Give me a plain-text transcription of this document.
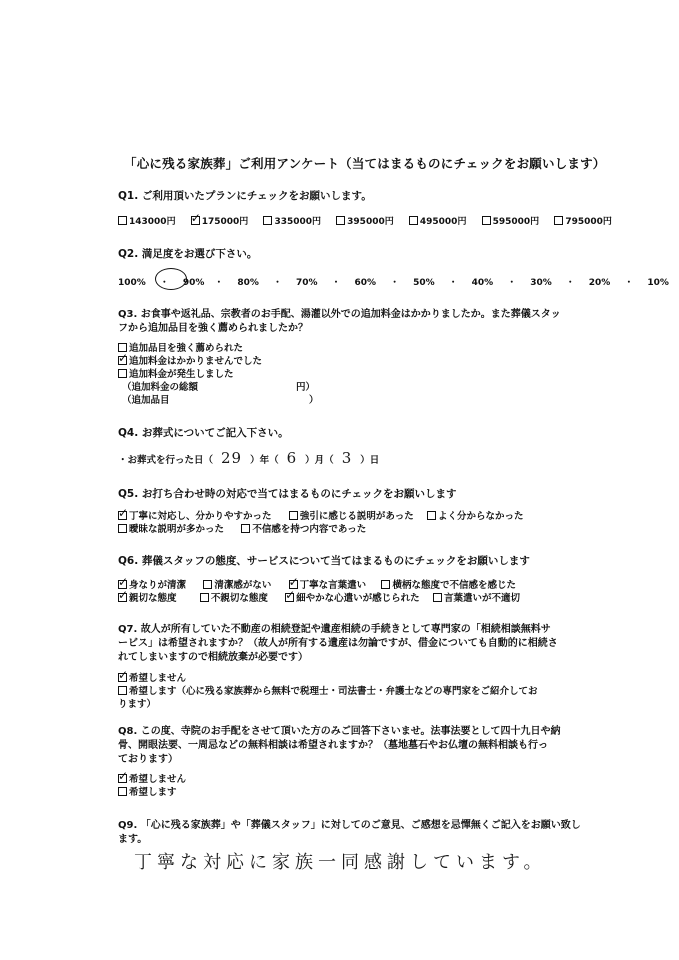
「心に残る家族葬」ご利用アンケート（当てはまるものにチェックをお願いします）
Q1. ご利用頂いたプランにチェックをお願いします。
143000円 ✓	175000円	335000円	395000円	495000円	595000円	795000円
Q2. 満足度をお選び下さい。
100% ・ 90% ・ 80% ・ 70% ・ 60% ・ 50% ・ 40% ・ 30% ・ 20% ・ 10%
Q3. お食事や返礼品、宗教者のお手配、湯灌以外での追加料金はかかりましたか。また葬儀スタッ
フから追加品目を強く薦められましたか？
追加品目を強く薦められた
✓追加料金はかかりませんでした
追加料金が発生しました
（追加料金の総額	円）
（追加品目	）
Q4. お葬式についてご記入下さい。
・お葬式を行った日（ 29 ）年（ 6 ）月（ 3 ）日
Q5. お打ち合わせ時の対応で当てはまるものにチェックをお願いします
✓丁寧に対応し、分かりやすかった	強引に感じる説明があった	よく分からなかった
曖昧な説明が多かった	不信感を持つ内容であった
Q6. 葬儀スタッフの態度、サービスについて当てはまるものにチェックをお願いします
✓身なりが清潔	清潔感がない ✓	丁寧な言葉遣い	横柄な態度で不信感を感じた
✓親切な態度	不親切な態度 ✓	細やかな心遣いが感じられた	言葉遣いが不適切
Q7. 故人が所有していた不動産の相続登記や遺産相続の手続きとして専門家の「相続相談無料サ
ービス」は希望されますか？（故人が所有する遺産は勿論ですが、借金についても自動的に相続さ
れてしまいますので相続放棄が必要です）
✓希望しません
希望します（心に残る家族葬から無料で税理士・司法書士・弁護士などの専門家をご紹介してお
ります）
Q8. この度、寺院のお手配をさせて頂いた方のみご回答下さいませ。法事法要として四十九日や納
骨、開眼法要、一周忌などの無料相談は希望されますか？（墓地墓石やお仏壇の無料相談も行っ
ております）
✓希望しません
希望します
Q9. 「心に残る家族葬」や「葬儀スタッフ」に対してのご意見、ご感想を忌憚無くご記入をお願い致し
ます。
丁寧な対応に家族一同感謝しています。
